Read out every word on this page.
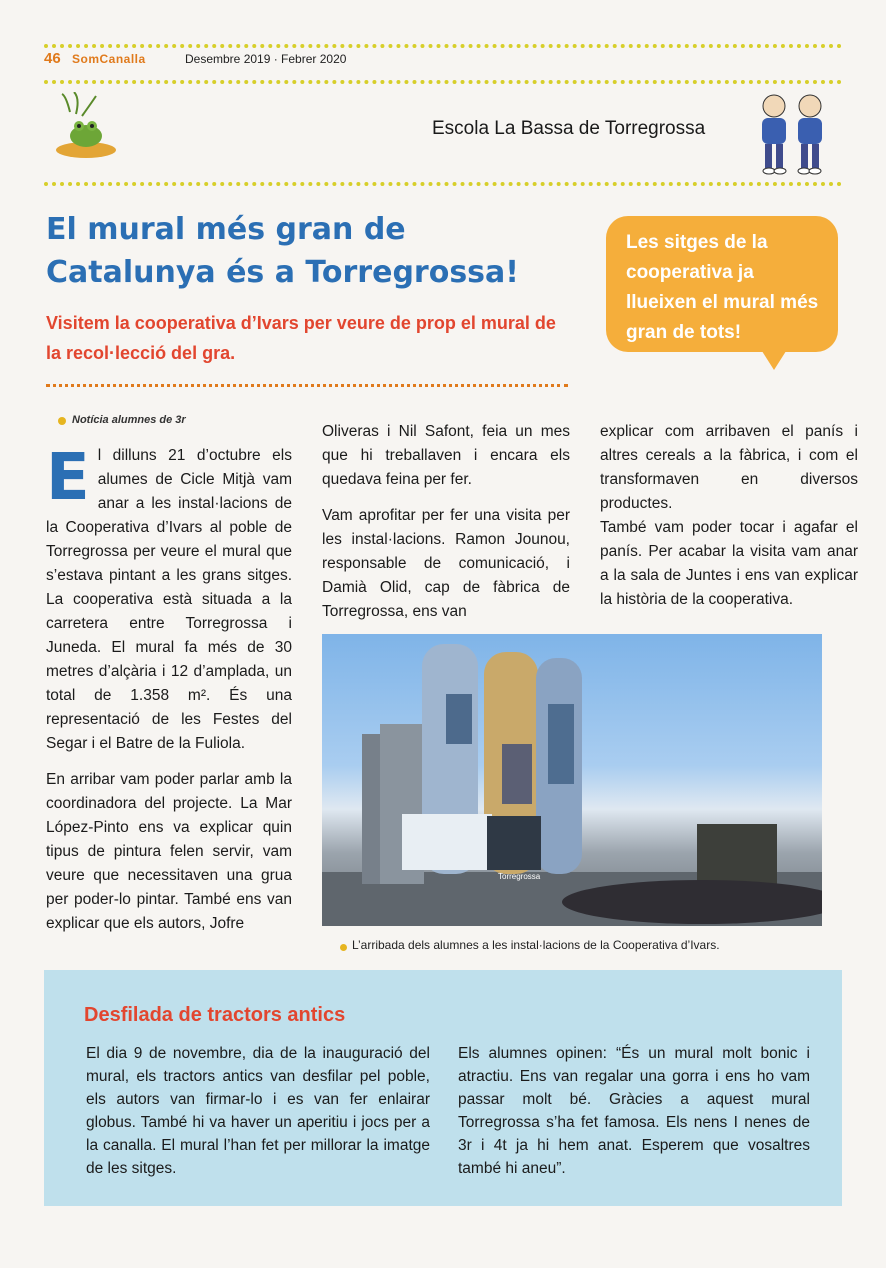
46 SomCanalla	Desembre 2019 · Febrer 2020
Escola La Bassa de Torregrossa
El mural més gran de Catalunya és a Torregrossa!
Visitem la cooperativa d’Ivars per veure de prop el mural de la recol·lecció del gra.
Les sitges de la cooperativa ja llueixen el mural més gran de tots!
Notícia alumnes de 3r

El dilluns 21 d’octubre els alumes de Cicle Mitjà vam anar a les instal·lacions de la Cooperativa d’Ivars al poble de Torregrossa per veure el mural que s’estava pintant a les grans sitges. La cooperativa està situada a la carretera entre Torregrossa i Juneda. El mural fa més de 30 metres d’alçària i 12 d’amplada, un total de 1.358 m². És una representació de les Festes del Segar i el Batre de la Fuliola.

En arribar vam poder parlar amb la coordinadora del projecte. La Mar López-Pinto ens va explicar quin tipus de pintura felen servir, vam veure que necessitaven una grua per poder-lo pintar. També ens van explicar que els autors, Jofre

Oliveras i Nil Safont, feia un mes que hi treballaven i encara els quedava feina per fer.

Vam aprofitar per fer una visita per les instal·lacions. Ramon Jounou, responsable de comunicació, i Damià Olid, cap de fàbrica de Torregrossa, ens van

explicar com arribaven el panís i altres cereals a la fàbrica, i com el transformaven en diversos productes.

També vam poder tocar i agafar el panís. Per acabar la visita vam anar a la sala de Juntes i ens van explicar la història de la cooperativa.

Torregrossa
L’arribada dels alumnes a les instal·lacions de la Cooperativa d’Ivars.
Desfilada de tractors antics
El dia 9 de novembre, dia de la inauguració del mural, els tractors antics van desfilar pel poble, els autors van firmar-lo i es van fer enlairar globus. També hi va haver un aperitiu i jocs per a la canalla. El mural l’han fet per millorar la imatge de les sitges.
Els alumnes opinen: “És un mural molt bonic i atractiu. Ens van regalar una gorra i ens ho vam passar molt bé. Gràcies a aquest mural Torregrossa s’ha fet famosa. Els nens I nenes de 3r i 4t ja hi hem anat. Esperem que vosaltres també hi aneu”.
